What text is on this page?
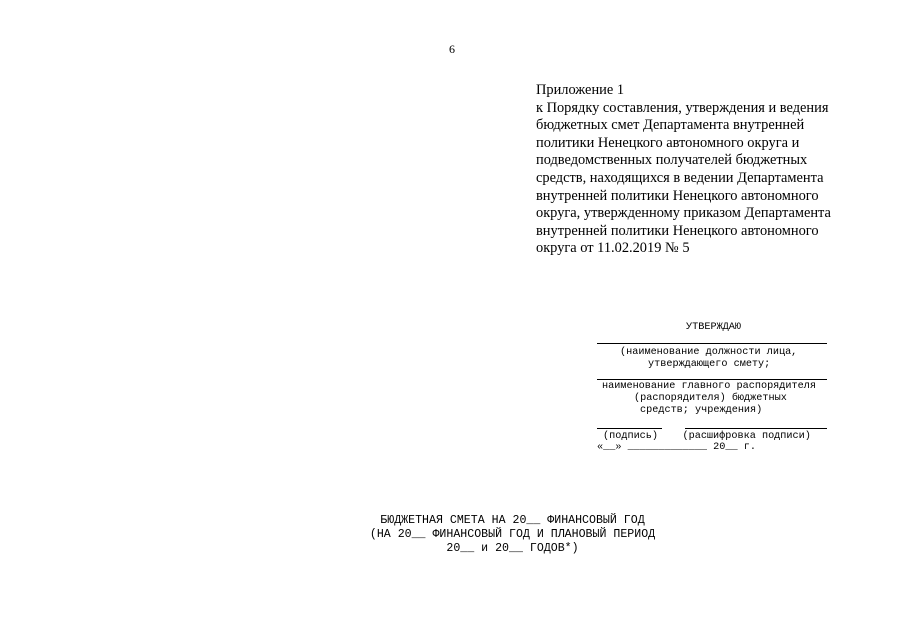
6
Приложение 1
к Порядку составления, утверждения и ведения
бюджетных смет Департамента внутренней
политики Ненецкого автономного округа и
подведомственных получателей бюджетных
средств, находящихся в ведении Департамента
внутренней политики Ненецкого автономного
округа, утвержденному приказом Департамента
внутренней политики Ненецкого автономного
округа от 11.02.2019 № 5
УТВЕРЖДАЮ
(наименование должности лица,
утверждающего смету;
наименование главного распорядителя
(распорядителя) бюджетных
средств; учреждения)
(подпись)    (расшифровка подписи)
«__» _____________ 20__ г.
БЮДЖЕТНАЯ СМЕТА НА 20__ ФИНАНСОВЫЙ ГОД
(НА 20__ ФИНАНСОВЫЙ ГОД И ПЛАНОВЫЙ ПЕРИОД
20__ и 20__ ГОДОВ*)
